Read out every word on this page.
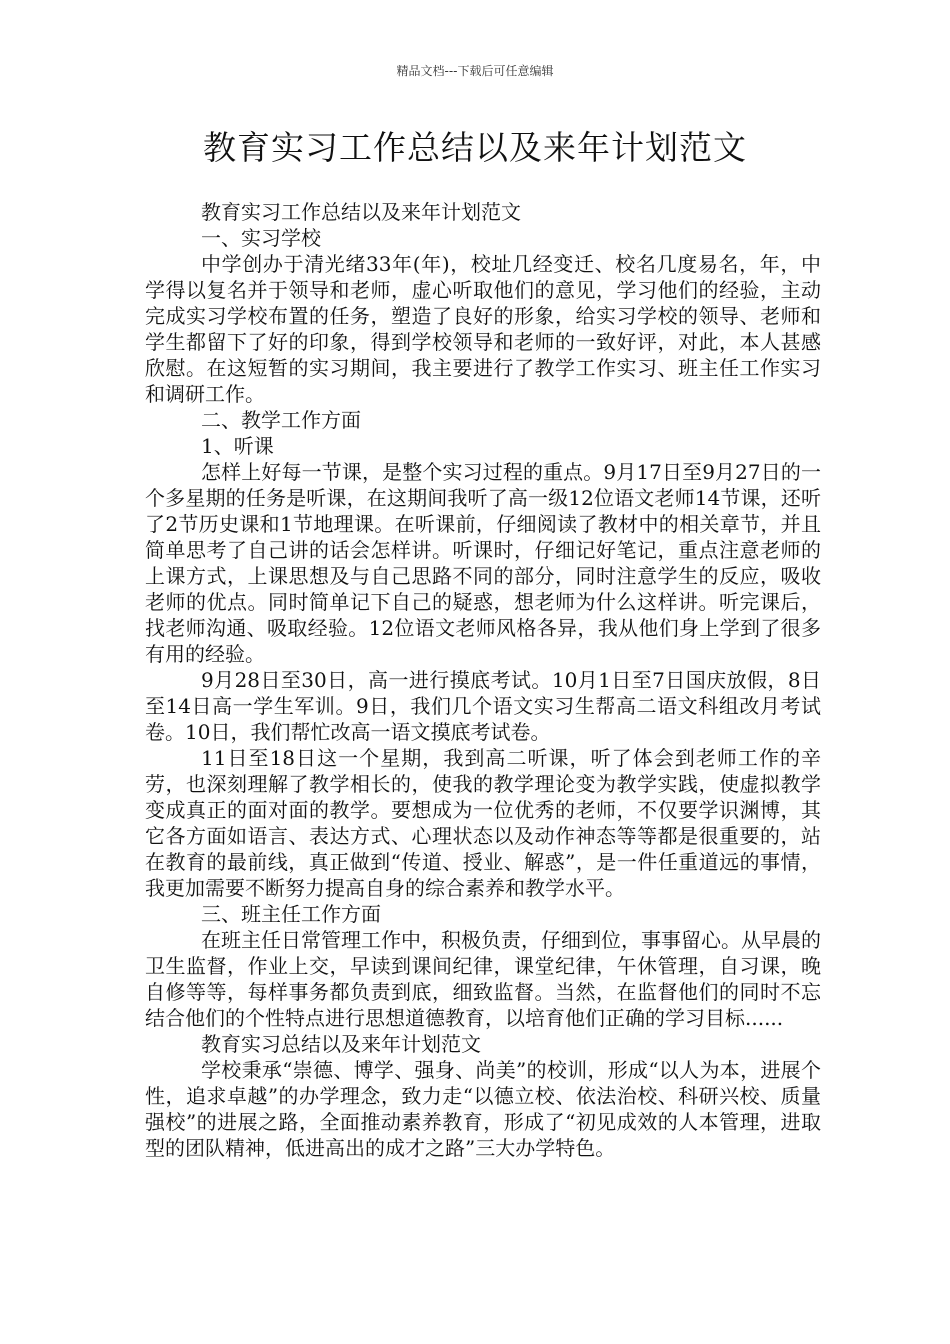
精品文档---下载后可任意编辑
教育实习工作总结以及来年计划范文

教育实习工作总结以及来年计划范文

一、实习学校

中学创办于清光绪33年(年)，校址几经变迁、校名几度易名，年，中学得以复名并于领导和老师，虚心听取他们的意见，学习他们的经验，主动完成实习学校布置的任务，塑造了良好的形象，给实习学校的领导、老师和学生都留下了好的印象，得到学校领导和老师的一致好评，对此，本人甚感欣慰。在这短暂的实习期间，我主要进行了教学工作实习、班主任工作实习和调研工作。

二、教学工作方面

1、听课

怎样上好每一节课，是整个实习过程的重点。9月17日至9月27日的一个多星期的任务是听课，在这期间我听了高一级12位语文老师14节课，还听了2节历史课和1节地理课。在听课前，仔细阅读了教材中的相关章节，并且简单思考了自己讲的话会怎样讲。听课时，仔细记好笔记，重点注意老师的上课方式，上课思想及与自己思路不同的部分，同时注意学生的反应，吸收老师的优点。同时简单记下自己的疑惑，想老师为什么这样讲。听完课后，找老师沟通、吸取经验。12位语文老师风格各异，我从他们身上学到了很多有用的经验。

9月28日至30日，高一进行摸底考试。10月1日至7日国庆放假，8日至14日高一学生军训。9日，我们几个语文实习生帮高二语文科组改月考试卷。10日，我们帮忙改高一语文摸底考试卷。

11日至18日这一个星期，我到高二听课，听了体会到老师工作的辛劳，也深刻理解了教学相长的，使我的教学理论变为教学实践，使虚拟教学变成真正的面对面的教学。要想成为一位优秀的老师，不仅要学识渊博，其它各方面如语言、表达方式、心理状态以及动作神态等等都是很重要的，站在教育的最前线，真正做到“传道、授业、解惑”，是一件任重道远的事情，我更加需要不断努力提高自身的综合素养和教学水平。

三、班主任工作方面

在班主任日常管理工作中，积极负责，仔细到位，事事留心。从早晨的卫生监督，作业上交，早读到课间纪律，课堂纪律，午休管理，自习课，晚自修等等，每样事务都负责到底，细致监督。当然，在监督他们的同时不忘结合他们的个性特点进行思想道德教育，以培育他们正确的学习目标......

教育实习总结以及来年计划范文

学校秉承“崇德、博学、强身、尚美”的校训，形成“以人为本，进展个性，追求卓越”的办学理念，致力走“以德立校、依法治校、科研兴校、质量强校”的进展之路，全面推动素养教育，形成了“初见成效的人本管理，进取型的团队精神，低进高出的成才之路”三大办学特色。
